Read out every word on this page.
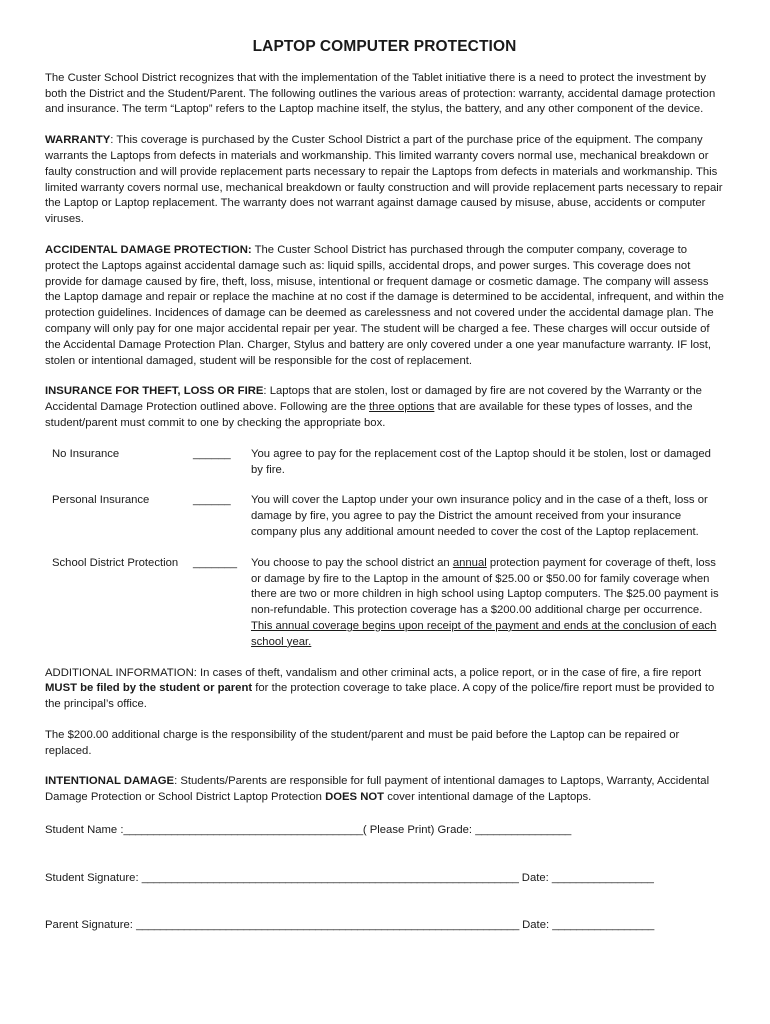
LAPTOP COMPUTER PROTECTION

The Custer School District recognizes that with the implementation of the Tablet initiative there is a need to protect the investment by both the District and the Student/Parent. The following outlines the various areas of protection: warranty, accidental damage protection and insurance. The term “Laptop” refers to the Laptop machine itself, the stylus, the battery, and any other component of the device.

WARRANTY: This coverage is purchased by the Custer School District a part of the purchase price of the equipment. The company warrants the Laptops from defects in materials and workmanship. This limited warranty covers normal use, mechanical breakdown or faulty construction and will provide replacement parts necessary to repair the Laptops from defects in materials and workmanship. This limited warranty covers normal use, mechanical breakdown or faulty construction and will provide replacement parts necessary to repair the Laptop or Laptop replacement. The warranty does not warrant against damage caused by misuse, abuse, accidents or computer viruses.

ACCIDENTAL DAMAGE PROTECTION: The Custer School District has purchased through the computer company, coverage to protect the Laptops against accidental damage such as: liquid spills, accidental drops, and power surges. This coverage does not provide for damage caused by fire, theft, loss, misuse, intentional or frequent damage or cosmetic damage. The company will assess the Laptop damage and repair or replace the machine at no cost if the damage is determined to be accidental, infrequent, and within the protection guidelines. Incidences of damage can be deemed as carelessness and not covered under the accidental damage plan. The company will only pay for one major accidental repair per year. The student will be charged a fee. These charges will occur outside of the Accidental Damage Protection Plan. Charger, Stylus and battery are only covered under a one year manufacture warranty. IF lost, stolen or intentional damaged, student will be responsible for the cost of replacement.

INSURANCE FOR THEFT, LOSS OR FIRE: Laptops that are stolen, lost or damaged by fire are not covered by the Warranty or the Accidental Damage Protection outlined above. Following are the three options that are available for these types of losses, and the student/parent must commit to one by checking the appropriate box.

No Insurance	______	You agree to pay for the replacement cost of the Laptop should it be stolen, lost or damaged by fire.
Personal Insurance	______	You will cover the Laptop under your own insurance policy and in the case of a theft, loss or damage by fire, you agree to pay the District the amount received from your insurance company plus any additional amount needed to cover the cost of the Laptop replacement.
School District Protection	_______	You choose to pay the school district an annual protection payment for coverage of theft, loss or damage by fire to the Laptop in the amount of $25.00 or $50.00 for family coverage when there are two or more children in high school using Laptop computers. The $25.00 payment is non-refundable. This protection coverage has a $200.00 additional charge per occurrence. This annual coverage begins upon receipt of the payment and ends at the conclusion of each school year.

ADDITIONAL INFORMATION: In cases of theft, vandalism and other criminal acts, a police report, or in the case of fire, a fire report MUST be filed by the student or parent for the protection coverage to take place. A copy of the police/fire report must be provided to the principal’s office.

The $200.00 additional charge is the responsibility of the student/parent and must be paid before the Laptop can be repaired or replaced.

INTENTIONAL DAMAGE: Students/Parents are responsible for full payment of intentional damages to Laptops, Warranty, Accidental Damage Protection or School District Laptop Protection DOES NOT cover intentional damage of the Laptops.

Student Name :________________________________________( Please Print) Grade: ________________
Student Signature: _______________________________________________________________ Date: _________________
Parent Signature: ________________________________________________________________ Date: _________________
